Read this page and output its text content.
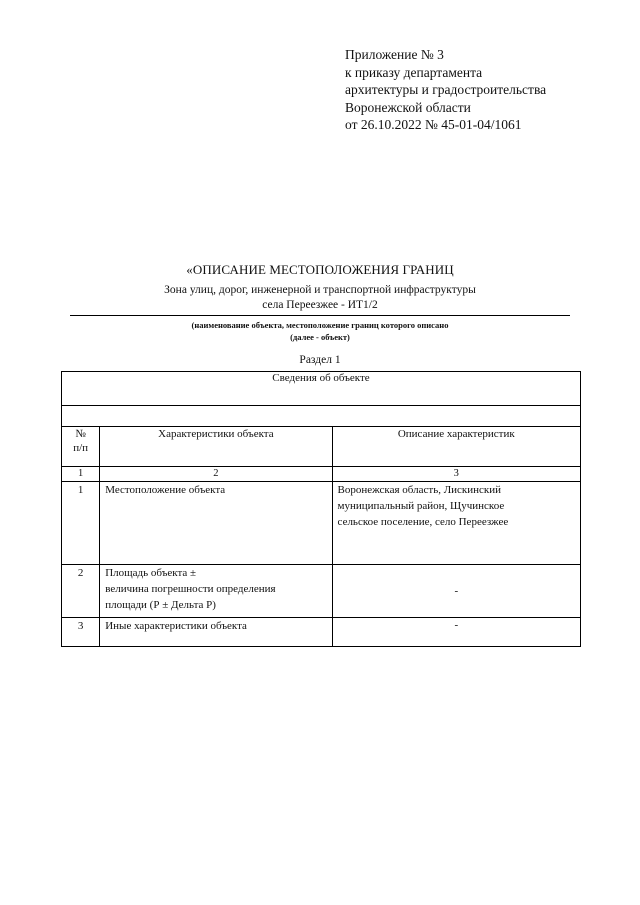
Приложение № 3
к приказу департамента
архитектуры и градостроительства
Воронежской области
от 26.10.2022 № 45-01-04/1061
«ОПИСАНИЕ МЕСТОПОЛОЖЕНИЯ ГРАНИЦ
Зона улиц, дорог, инженерной и транспортной инфраструктуры
села Переезжее - ИТ1/2
(наименование объекта, местоположение границ которого описано
(далее - объект)
Раздел 1
Сведения об объекте		

№
п/п	Характеристики объекта	Описание характеристик
1	2	3

1	Местоположение объекта	Воронежская область, Лискинский
муниципальный район, Щучинское
сельское поселение, село Переезжее

2	Площадь объекта ±
величина погрешности определения
площади (Р ± Дельта Р)	-

3	Иные характеристики объекта	-
